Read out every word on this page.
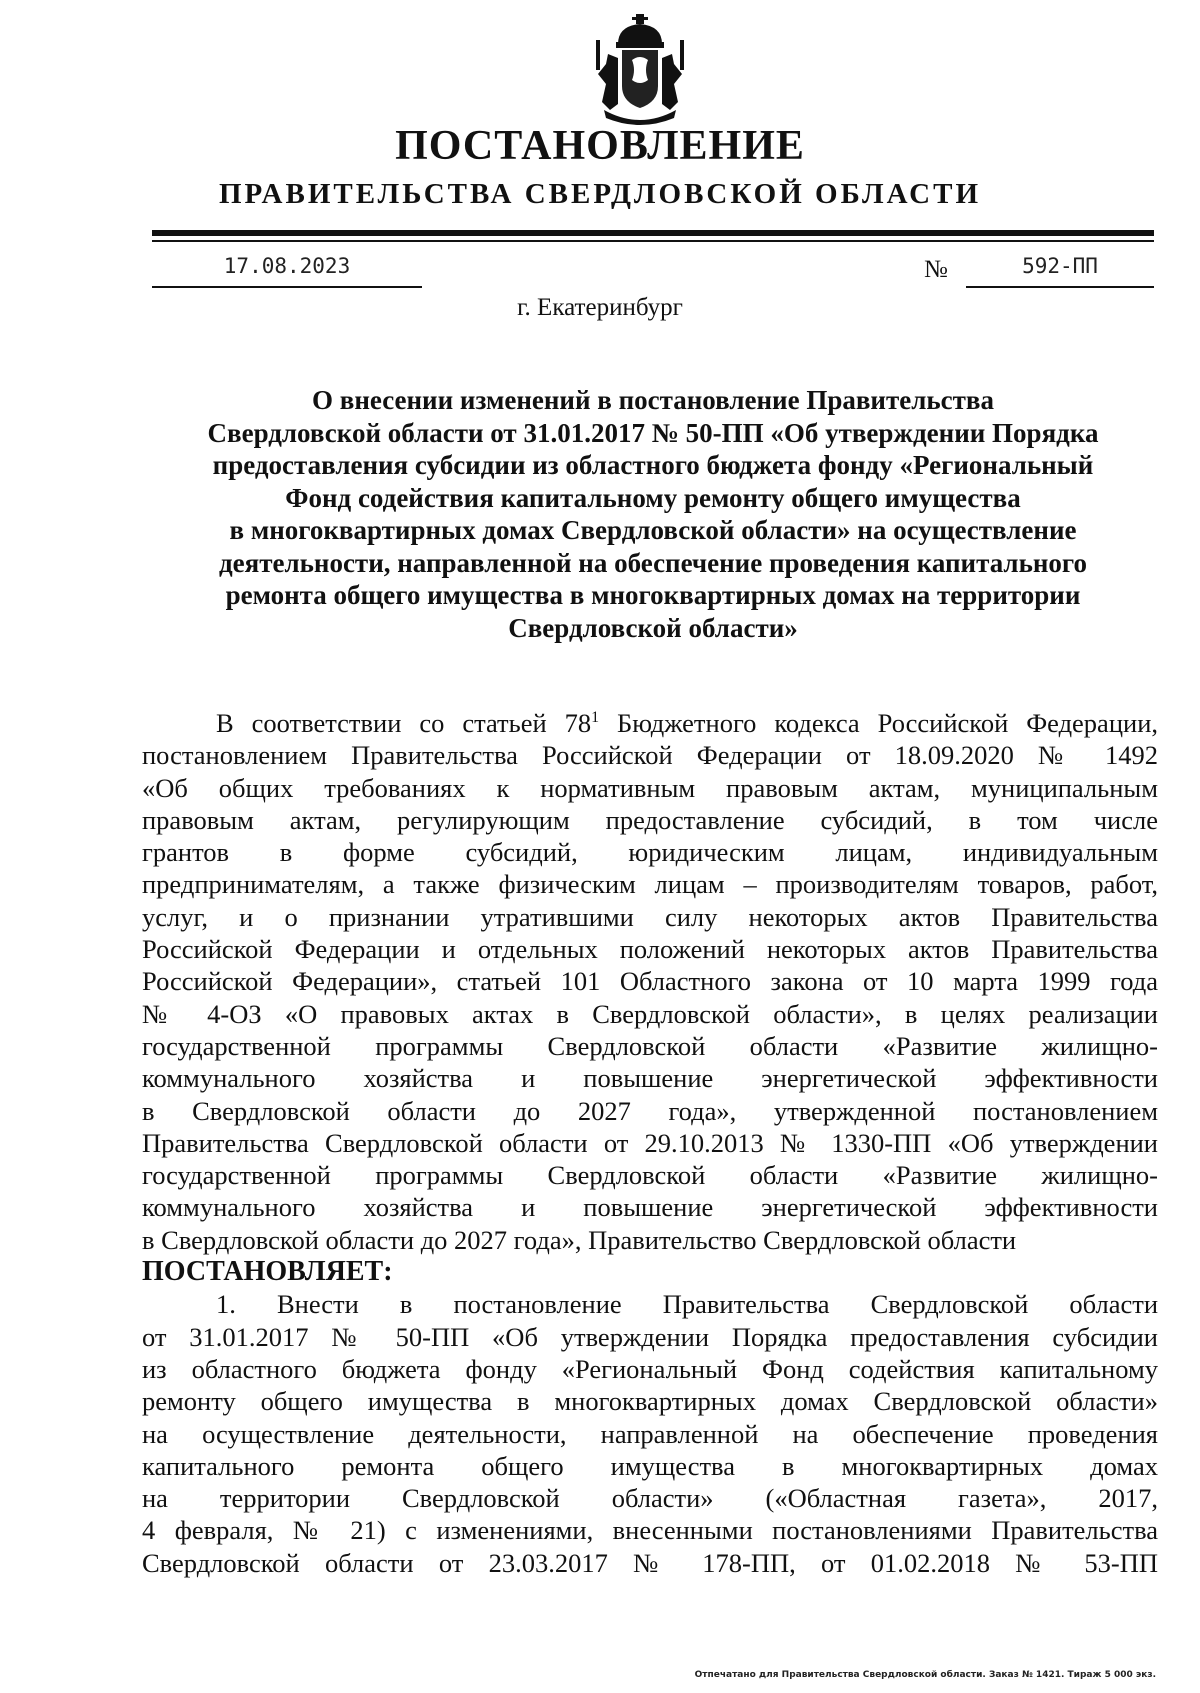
ПОСТАНОВЛЕНИЕ
ПРАВИТЕЛЬСТВА СВЕРДЛОВСКОЙ ОБЛАСТИ
17.08.2023	№	592-ПП
г. Екатеринбург
О внесении изменений в постановление Правительства
Свердловской области от 31.01.2017 № 50-ПП «Об утверждении Порядка
предоставления субсидии из областного бюджета фонду «Региональный
Фонд содействия капитальному ремонту общего имущества
в многоквартирных домах Свердловской области» на осуществление
деятельности, направленной на обеспечение проведения капитального
ремонта общего имущества в многоквартирных домах на территории
Свердловской области»
В соответствии со статьей $78^1$ Бюджетного кодекса Российской Федерации,
постановлением Правительства Российской Федерации от 18.09.2020 № 1492
«Об общих требованиях к нормативным правовым актам, муниципальным
правовым актам, регулирующим предоставление субсидий, в том числе
грантов в форме субсидий, юридическим лицам, индивидуальным
предпринимателям, а также физическим лицам – производителям товаров, работ,
услуг, и о признании утратившими силу некоторых актов Правительства
Российской Федерации и отдельных положений некоторых актов Правительства
Российской Федерации», статьей 101 Областного закона от 10 марта 1999 года
№ 4-ОЗ «О правовых актах в Свердловской области», в целях реализации
государственной программы Свердловской области «Развитие жилищно-
коммунального хозяйства и повышение энергетической эффективности
в Свердловской области до 2027 года», утвержденной постановлением
Правительства Свердловской области от 29.10.2013 № 1330-ПП «Об утверждении
государственной программы Свердловской области «Развитие жилищно-
коммунального хозяйства и повышение энергетической эффективности
в Свердловской области до 2027 года», Правительство Свердловской области
ПОСТАНОВЛЯЕТ:
1. Внести в постановление Правительства Свердловской области
от 31.01.2017 № 50-ПП «Об утверждении Порядка предоставления субсидии
из областного бюджета фонду «Региональный Фонд содействия капитальному
ремонту общего имущества в многоквартирных домах Свердловской области»
на осуществление деятельности, направленной на обеспечение проведения
капитального ремонта общего имущества в многоквартирных домах
на территории Свердловской области» («Областная газета», 2017,
4 февраля, № 21) с изменениями, внесенными постановлениями Правительства
Свердловской области от 23.03.2017 № 178-ПП, от 01.02.2018 № 53-ПП
Отпечатано для Правительства Свердловской области. Заказ № 1421. Тираж 5 000 экз.
